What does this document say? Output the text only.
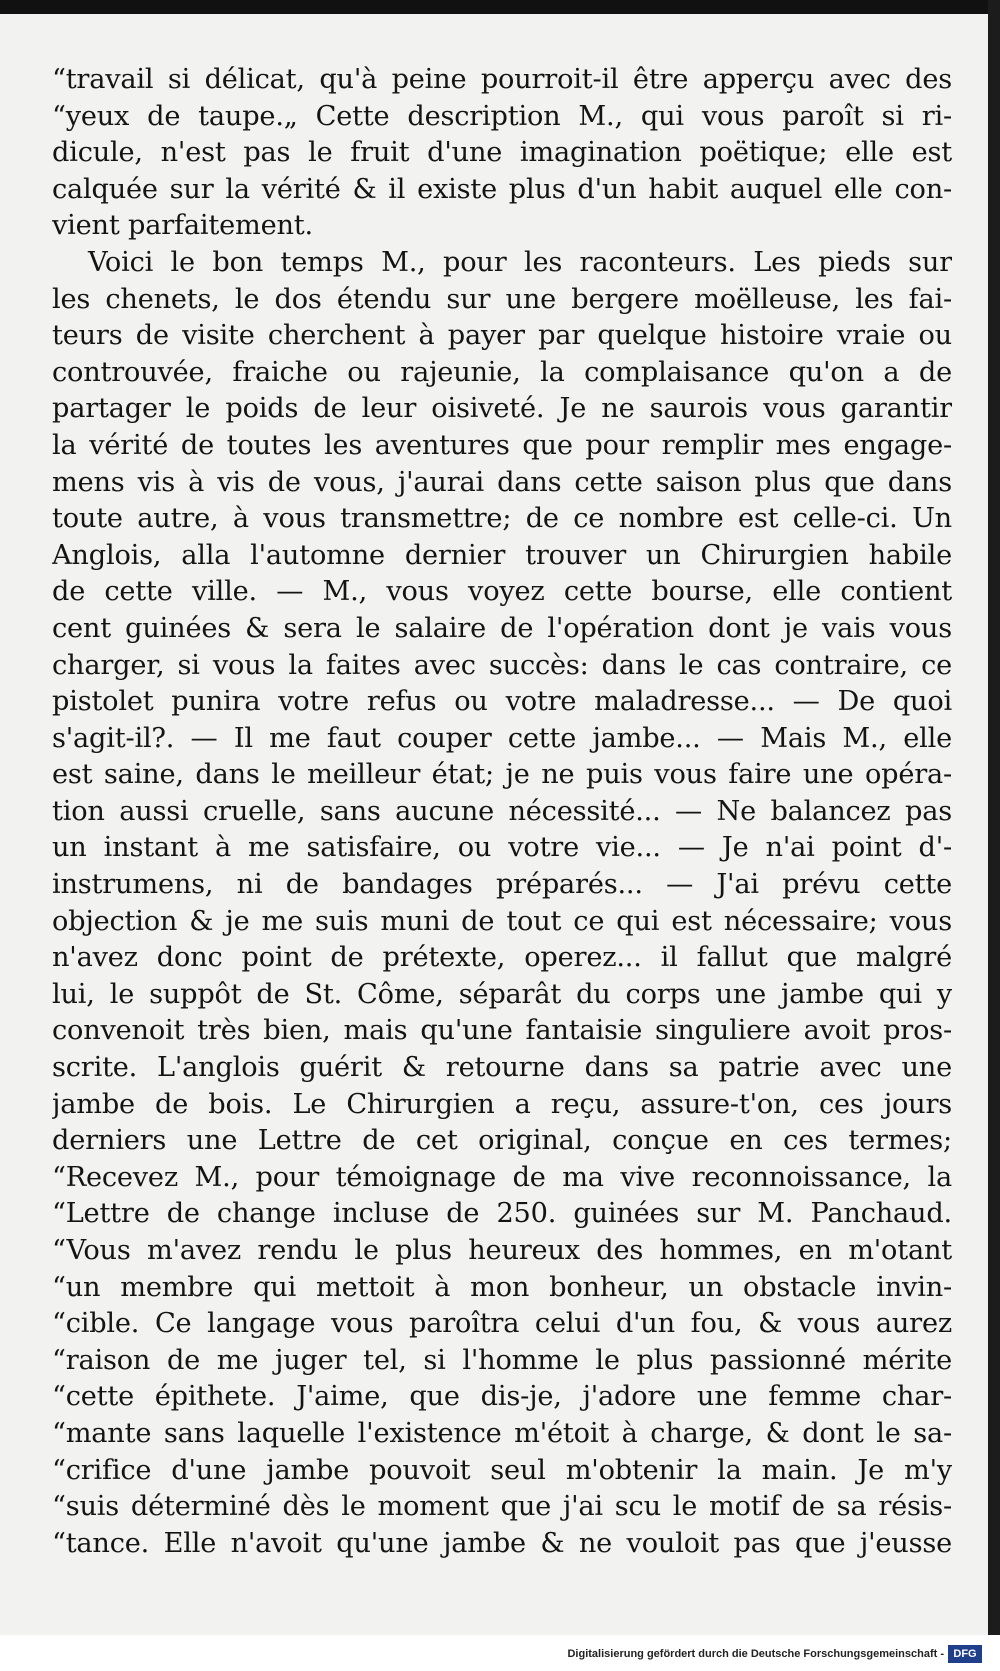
“travail si délicat, qu'à peine pourroit-il être apperçu avec des
“yeux de taupe.„ Cette description M., qui vous paroît si ri-
dicule, n'est pas le fruit d'une imagination poëtique; elle est
calquée sur la vérité & il existe plus d'un habit auquel elle con-
vient parfaitement.
Voici le bon temps M., pour les raconteurs. Les pieds sur
les chenets, le dos étendu sur une bergere moëlleuse, les fai-
teurs de visite cherchent à payer par quelque histoire vraie ou
controuvée, fraiche ou rajeunie, la complaisance qu'on a de
partager le poids de leur oisiveté. Je ne saurois vous garantir
la vérité de toutes les aventures que pour remplir mes engage-
mens vis à vis de vous, j'aurai dans cette saison plus que dans
toute autre, à vous transmettre; de ce nombre est celle-ci. Un
Anglois, alla l'automne dernier trouver un Chirurgien habile
de cette ville. — M., vous voyez cette bourse, elle contient
cent guinées & sera le salaire de l'opération dont je vais vous
charger, si vous la faites avec succès: dans le cas contraire, ce
pistolet punira votre refus ou votre maladresse... — De quoi
s'agit-il?. — Il me faut couper cette jambe... — Mais M., elle
est saine, dans le meilleur état; je ne puis vous faire une opéra-
tion aussi cruelle, sans aucune nécessité... — Ne balancez pas
un instant à me satisfaire, ou votre vie... — Je n'ai point d'-
instrumens, ni de bandages préparés... — J'ai prévu cette
objection & je me suis muni de tout ce qui est nécessaire; vous
n'avez donc point de prétexte, operez... il fallut que malgré
lui, le suppôt de St. Côme, séparât du corps une jambe qui y
convenoit très bien, mais qu'une fantaisie singuliere avoit pros-
scrite. L'anglois guérit & retourne dans sa patrie avec une
jambe de bois. Le Chirurgien a reçu, assure-t'on, ces jours
derniers une Lettre de cet original, conçue en ces termes;
“Recevez M., pour témoignage de ma vive reconnoissance, la
“Lettre de change incluse de 250. guinées sur M. Panchaud.
“Vous m'avez rendu le plus heureux des hommes, en m'otant
“un membre qui mettoit à mon bonheur, un obstacle invin-
“cible. Ce langage vous paroîtra celui d'un fou, & vous aurez
“raison de me juger tel, si l'homme le plus passionné mérite
“cette épithete. J'aime, que dis-je, j'adore une femme char-
“mante sans laquelle l'existence m'étoit à charge, & dont le sa-
“crifice d'une jambe pouvoit seul m'obtenir la main. Je m'y
“suis déterminé dès le moment que j'ai scu le motif de sa résis-
“tance. Elle n'avoit qu'une jambe & ne vouloit pas que j'eusse
Digitalisierung gefördert durch die Deutsche Forschungsgemeinschaft - DFG
